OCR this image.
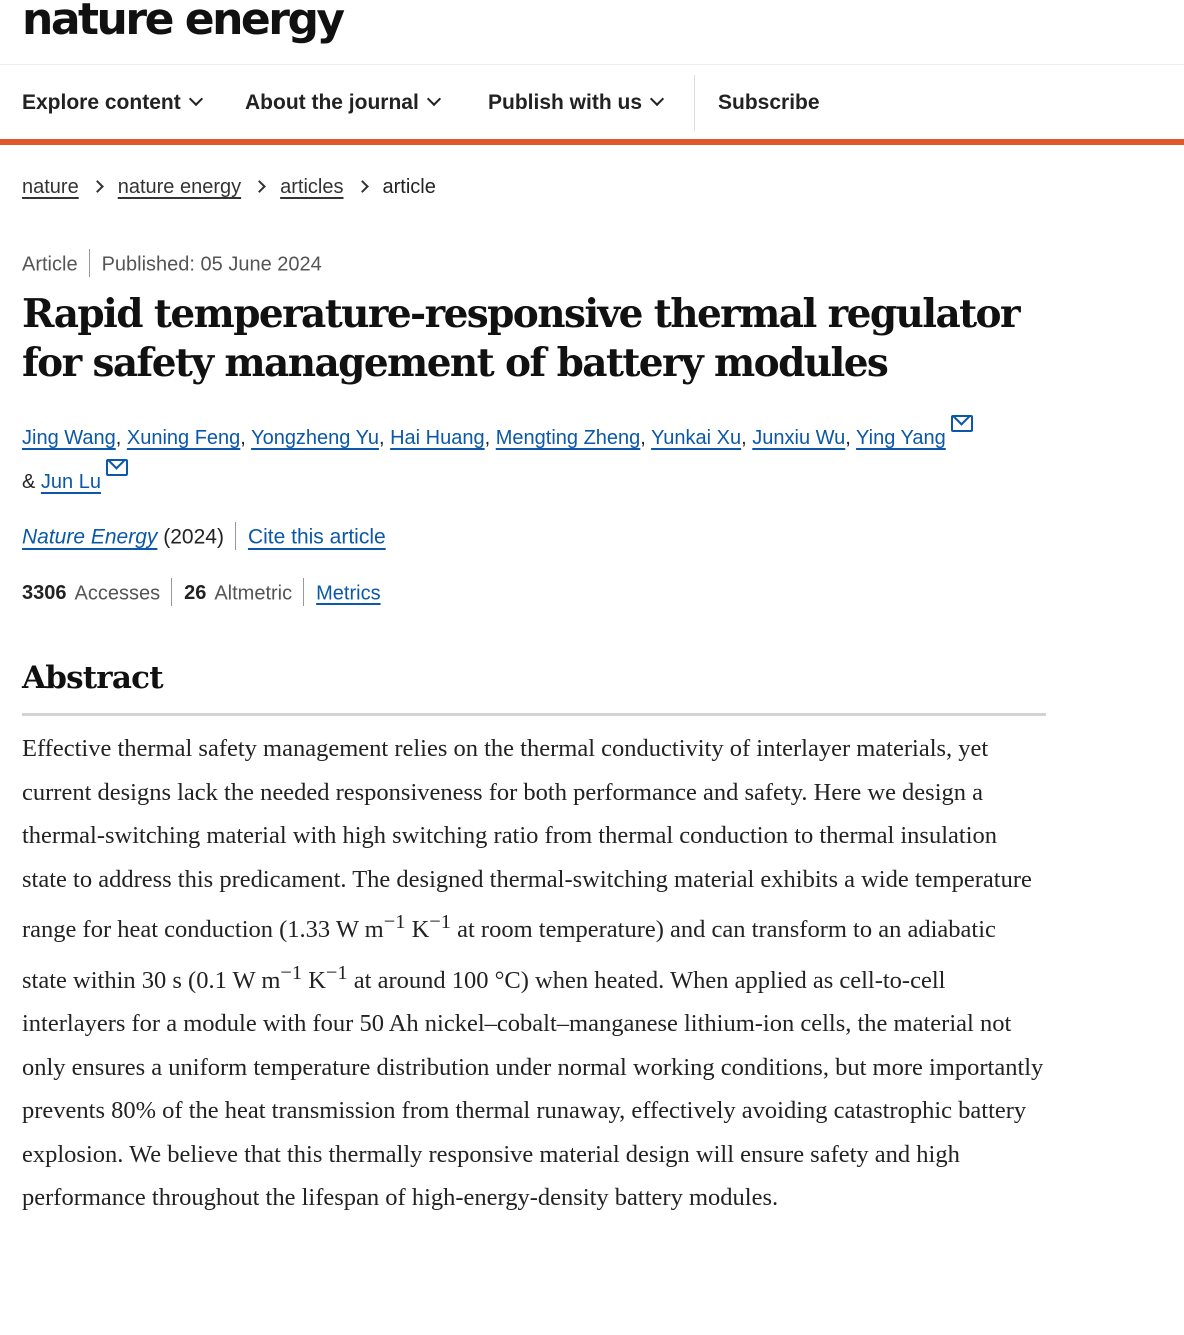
nature energy
Explore content	About the journal	Publish with us	Subscribe
nature nature energy articles article
Article Published: 05 June 2024
Rapid temperature-responsive thermal regulator for safety management of battery modules
Jing Wang, Xuning Feng, Yongzheng Yu, Hai Huang, Mengting Zheng, Yunkai Xu, Junxiu Wu, Ying Yang
& Jun Lu
Nature Energy (2024) Cite this article
3306 Accesses 26 Altmetric Metrics
Abstract

Effective thermal safety management relies on the thermal conductivity of interlayer materials, yet current designs lack the needed responsiveness for both performance and safety. Here we design a thermal-switching material with high switching ratio from thermal conduction to thermal insulation state to address this predicament. The designed thermal-switching material exhibits a wide temperature range for heat conduction (1.33 W $m^{-1}$ $K^{-1}$ at room temperature) and can transform to an adiabatic state within 30 s (0.1 W $m^{-1}$ $K^{-1}$ at around 100 °C) when heated. When applied as cell-to-cell interlayers for a module with four 50 Ah nickel–cobalt–manganese lithium-ion cells, the material not only ensures a uniform temperature distribution under normal working conditions, but more importantly prevents 80% of the heat transmission from thermal runaway, effectively avoiding catastrophic battery explosion. We believe that this thermally responsive material design will ensure safety and high performance throughout the lifespan of high-energy-density battery modules.
